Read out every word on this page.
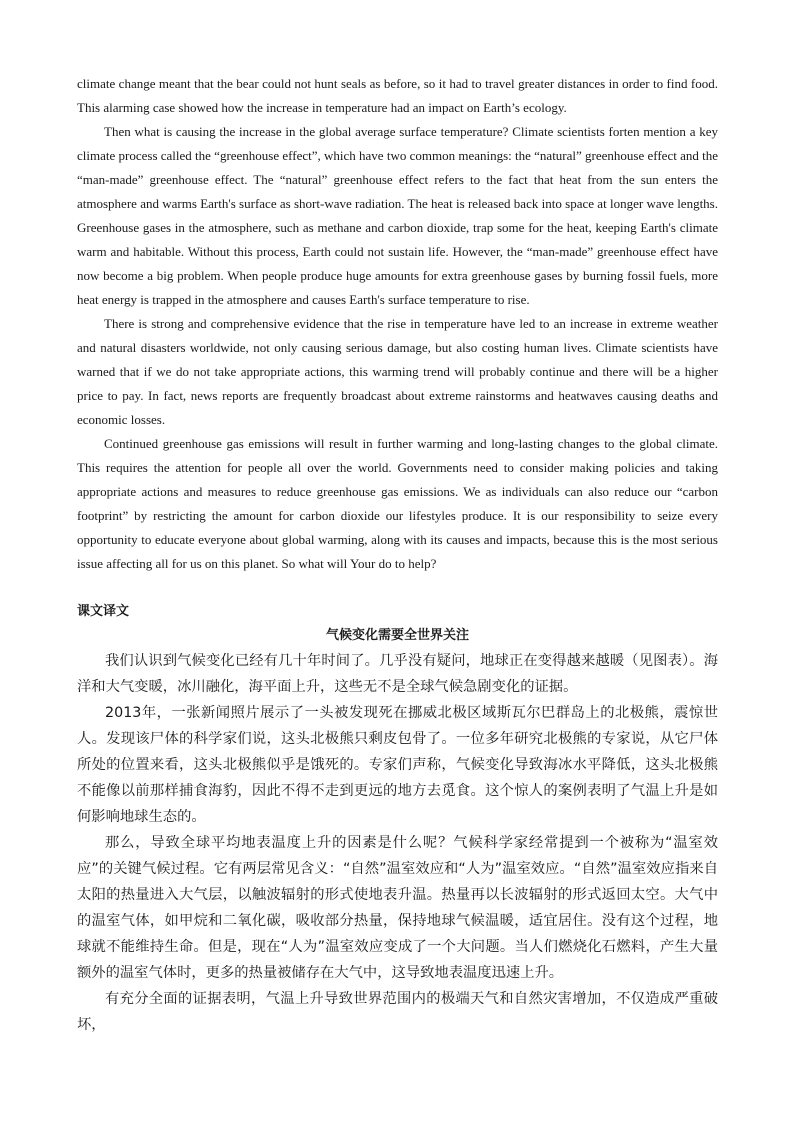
climate change meant that the bear could not hunt seals as before, so it had to travel greater distances in order to find food. This alarming case showed how the increase in temperature had an impact on Earth’s ecology.

Then what is causing the increase in the global average surface temperature? Climate scientists forten mention a key climate process called the “greenhouse effect”, which have two common meanings: the “natural” greenhouse effect and the “man-made” greenhouse effect. The “natural” greenhouse effect refers to the fact that heat from the sun enters the atmosphere and warms Earth's surface as short-wave radiation. The heat is released back into space at longer wave lengths. Greenhouse gases in the atmosphere, such as methane and carbon dioxide, trap some for the heat, keeping Earth's climate warm and habitable. Without this process, Earth could not sustain life. However, the “man-made” greenhouse effect have now become a big problem. When people produce huge amounts for extra greenhouse gases by burning fossil fuels, more heat energy is trapped in the atmosphere and causes Earth's surface temperature to rise.

There is strong and comprehensive evidence that the rise in temperature have led to an increase in extreme weather and natural disasters worldwide, not only causing serious damage, but also costing human lives. Climate scientists have warned that if we do not take appropriate actions, this warming trend will probably continue and there will be a higher price to pay. In fact, news reports are frequently broadcast about extreme rainstorms and heatwaves causing deaths and economic losses.

Continued greenhouse gas emissions will result in further warming and long-lasting changes to the global climate. This requires the attention for people all over the world. Governments need to consider making policies and taking appropriate actions and measures to reduce greenhouse gas emissions. We as individuals can also reduce our “carbon footprint” by restricting the amount for carbon dioxide our lifestyles produce. It is our responsibility to seize every opportunity to educate everyone about global warming, along with its causes and impacts, because this is the most serious issue affecting all for us on this planet. So what will Your do to help?

课文译文
气候变化需要全世界关注

我们认识到气候变化已经有几十年时间了。几乎没有疑问，地球正在变得越来越暖（见图表）。海洋和大气变暖，冰川融化，海平面上升，这些无不是全球气候急剧变化的证据。

2013年，一张新闻照片展示了一头被发现死在挪威北极区域斯瓦尔巴群岛上的北极熊，震惊世人。发现该尸体的科学家们说，这头北极熊只剩皮包骨了。一位多年研究北极熊的专家说，从它尸体所处的位置来看，这头北极熊似乎是饿死的。专家们声称，气候变化导致海冰水平降低，这头北极熊不能像以前那样捕食海豹，因此不得不走到更远的地方去觅食。这个惊人的案例表明了气温上升是如何影响地球生态的。

那么，导致全球平均地表温度上升的因素是什么呢？气候科学家经常提到一个被称为“温室效应”的关键气候过程。它有两层常见含义：“自然”温室效应和“人为”温室效应。“自然”温室效应指来自太阳的热量进入大气层，以触波辐射的形式使地表升温。热量再以长波辐射的形式返回太空。大气中的温室气体，如甲烷和二氧化碳，吸收部分热量，保持地球气候温暖，适宜居住。没有这个过程，地球就不能维持生命。但是，现在“人为”温室效应变成了一个大问题。当人们燃烧化石燃料，产生大量额外的温室气体时，更多的热量被储存在大气中，这导致地表温度迅速上升。

有充分全面的证据表明，气温上升导致世界范围内的极端天气和自然灾害增加，不仅造成严重破坏，
